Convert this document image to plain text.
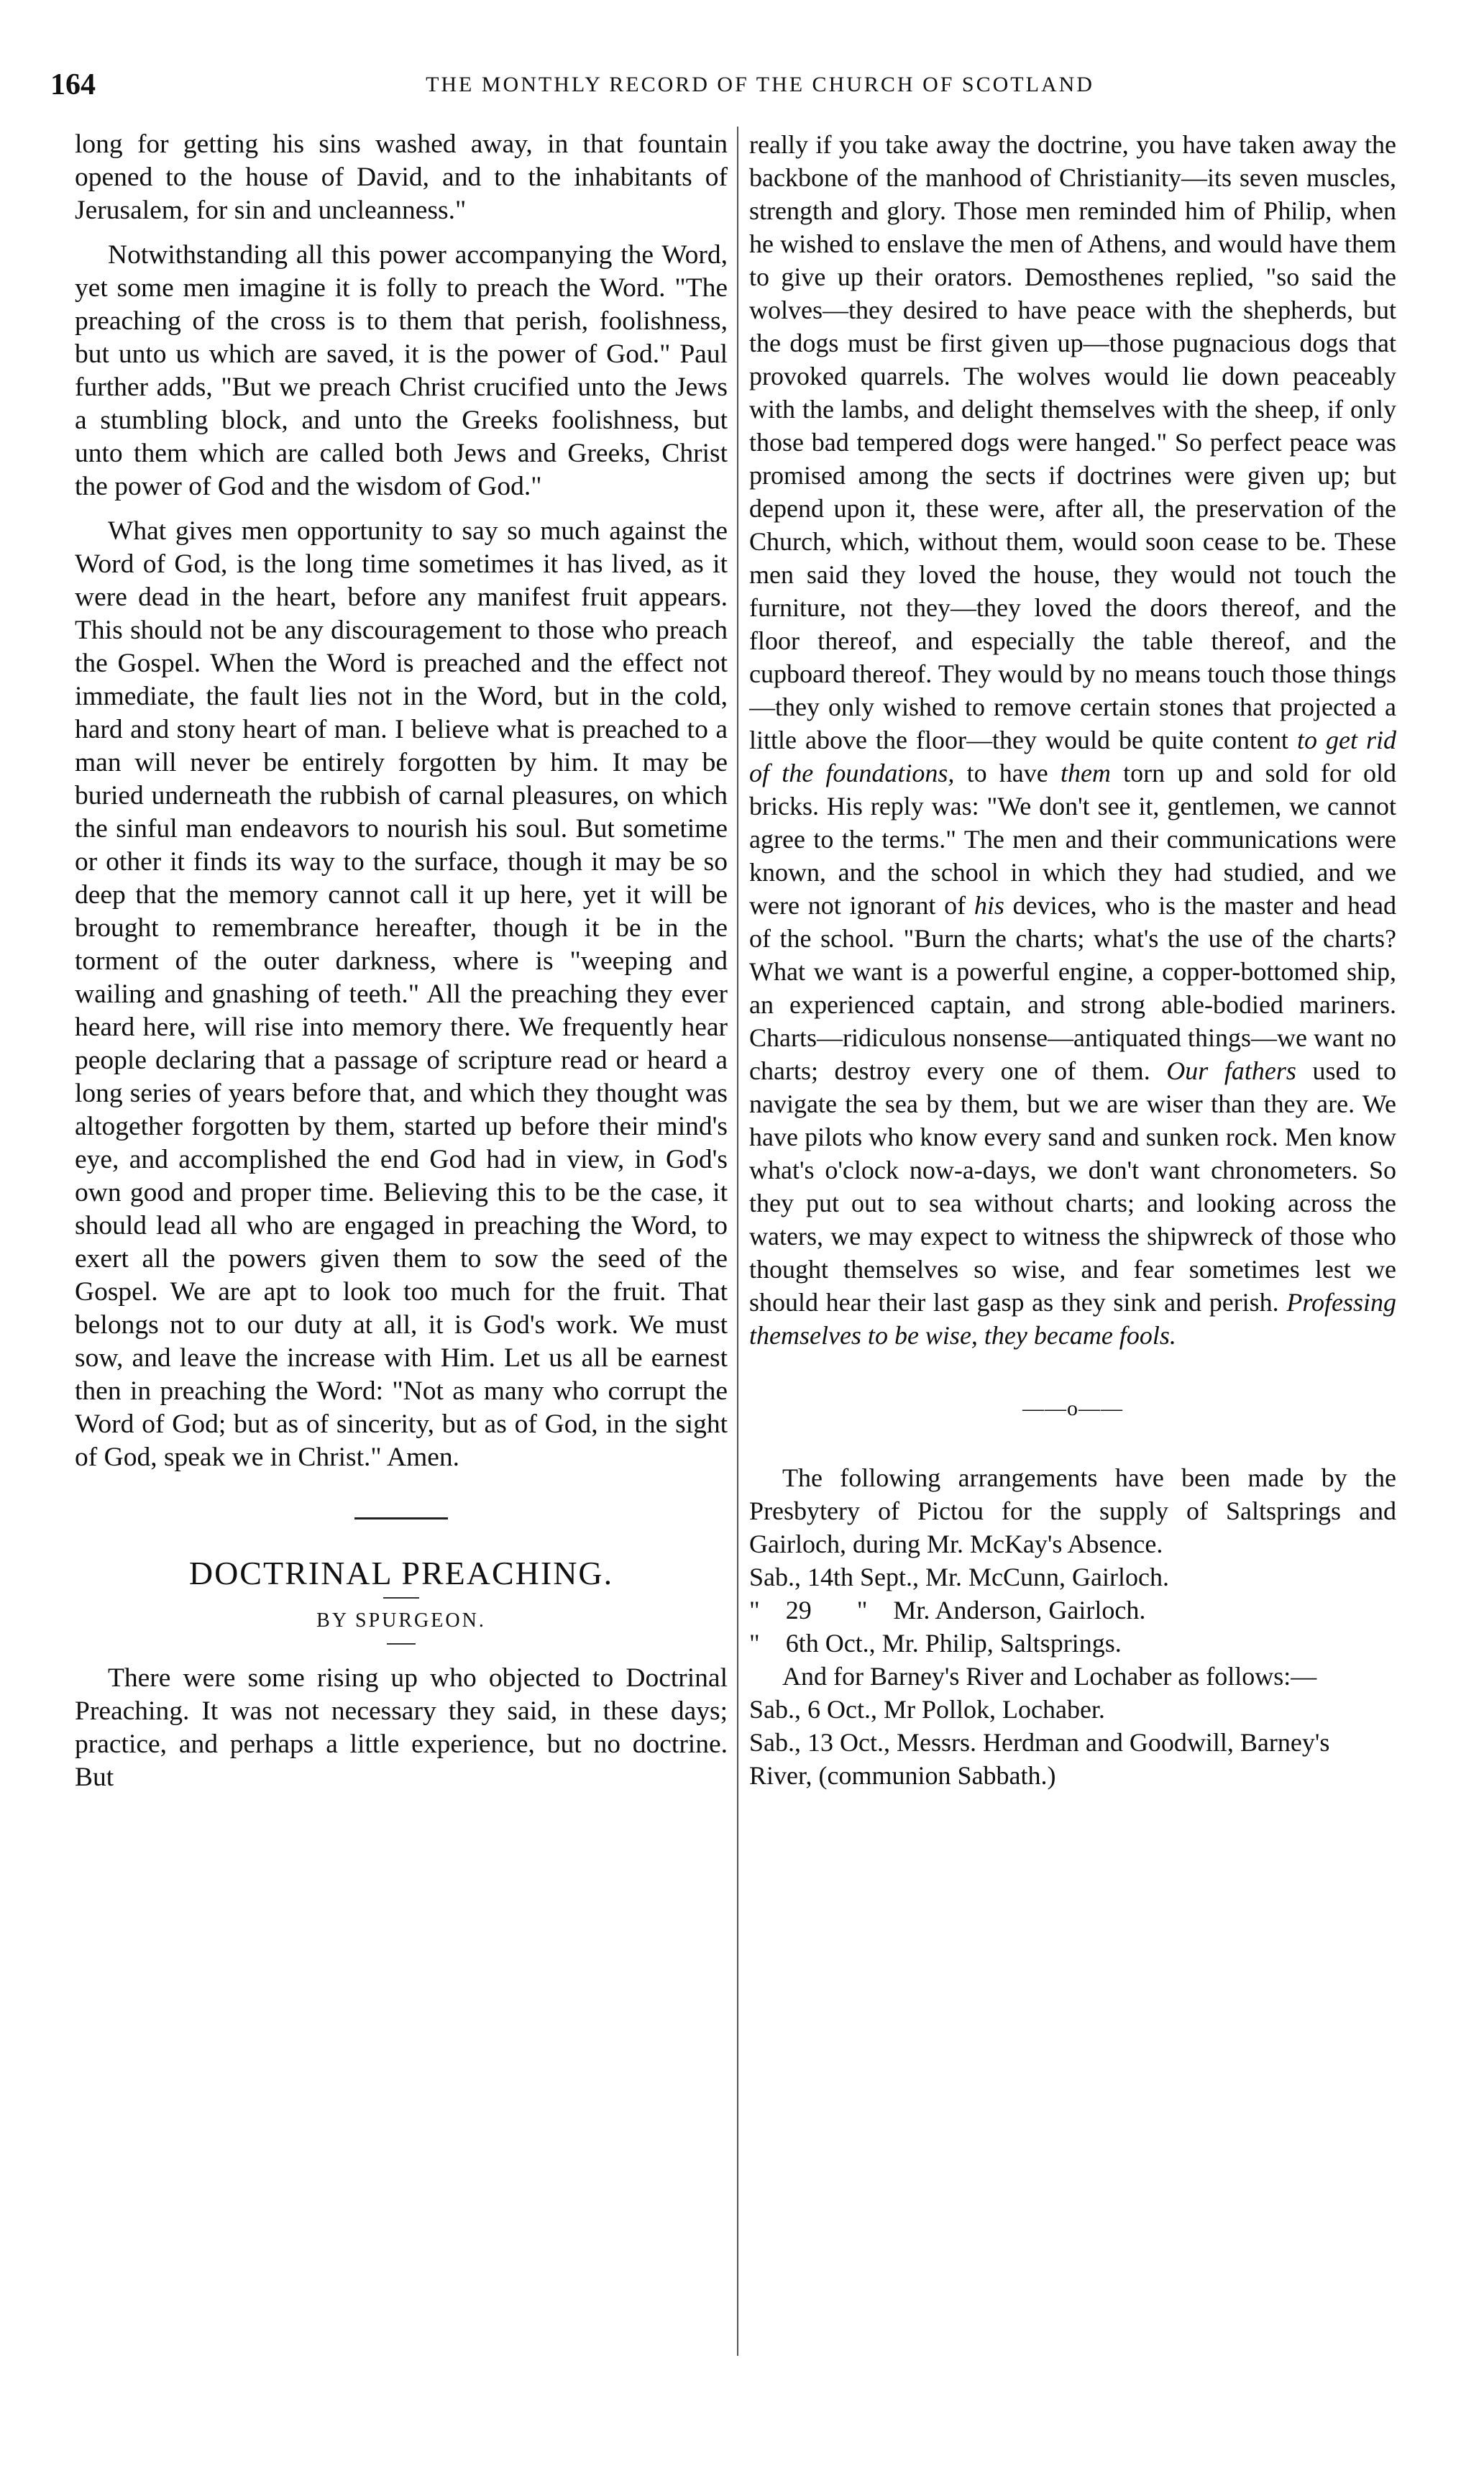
164	THE MONTHLY RECORD OF THE CHURCH OF SCOTLAND

long for getting his sins washed away, in that fountain opened to the house of David, and to the inhabitants of Jerusalem, for sin and uncleanness."

Notwithstanding all this power accompanying the Word, yet some men imagine it is folly to preach the Word. "The preaching of the cross is to them that perish, foolishness, but unto us which are saved, it is the power of God." Paul further adds, "But we preach Christ crucified unto the Jews a stumbling block, and unto the Greeks foolishness, but unto them which are called both Jews and Greeks, Christ the power of God and the wisdom of God."

What gives men opportunity to say so much against the Word of God, is the long time sometimes it has lived, as it were dead in the heart, before any manifest fruit appears. This should not be any discouragement to those who preach the Gospel. When the Word is preached and the effect not immediate, the fault lies not in the Word, but in the cold, hard and stony heart of man. I believe what is preached to a man will never be entirely forgotten by him. It may be buried underneath the rubbish of carnal pleasures, on which the sinful man endeavors to nourish his soul. But sometime or other it finds its way to the surface, though it may be so deep that the memory cannot call it up here, yet it will be brought to remembrance hereafter, though it be in the torment of the outer darkness, where is "weeping and wailing and gnashing of teeth." All the preaching they ever heard here, will rise into memory there. We frequently hear people declaring that a passage of scripture read or heard a long series of years before that, and which they thought was altogether forgotten by them, started up before their mind's eye, and accomplished the end God had in view, in God's own good and proper time. Believing this to be the case, it should lead all who are engaged in preaching the Word, to exert all the powers given them to sow the seed of the Gospel. We are apt to look too much for the fruit. That belongs not to our duty at all, it is God's work. We must sow, and leave the increase with Him. Let us all be earnest then in preaching the Word: "Not as many who corrupt the Word of God; but as of sincerity, but as of God, in the sight of God, speak we in Christ." Amen.

DOCTRINAL PREACHING.
BY SPURGEON.

There were some rising up who objected to Doctrinal Preaching. It was not necessary they said, in these days; practice, and perhaps a little experience, but no doctrine. But

really if you take away the doctrine, you have taken away the backbone of the manhood of Christianity—its seven muscles, strength and glory. Those men reminded him of Philip, when he wished to enslave the men of Athens, and would have them to give up their orators. Demosthenes replied, "so said the wolves—they desired to have peace with the shepherds, but the dogs must be first given up—those pugnacious dogs that provoked quarrels. The wolves would lie down peaceably with the lambs, and delight themselves with the sheep, if only those bad tempered dogs were hanged." So perfect peace was promised among the sects if doctrines were given up; but depend upon it, these were, after all, the preservation of the Church, which, without them, would soon cease to be. These men said they loved the house, they would not touch the furniture, not they—they loved the doors thereof, and the floor thereof, and especially the table thereof, and the cupboard thereof. They would by no means touch those things—they only wished to remove certain stones that projected a little above the floor—they would be quite content to get rid of the foundations, to have them torn up and sold for old bricks. His reply was: "We don't see it, gentlemen, we cannot agree to the terms." The men and their communications were known, and the school in which they had studied, and we were not ignorant of his devices, who is the master and head of the school. "Burn the charts; what's the use of the charts? What we want is a powerful engine, a copper-bottomed ship, an experienced captain, and strong able-bodied mariners. Charts—ridiculous nonsense—antiquated things—we want no charts; destroy every one of them. Our fathers used to navigate the sea by them, but we are wiser than they are. We have pilots who know every sand and sunken rock. Men know what's o'clock now-a-days, we don't want chronometers. So they put out to sea without charts; and looking across the waters, we may expect to witness the shipwreck of those who thought themselves so wise, and fear sometimes lest we should hear their last gasp as they sink and perish. Professing themselves to be wise, they became fools.

——o——

The following arrangements have been made by the Presbytery of Pictou for the supply of Saltsprings and Gairloch, during Mr. McKay's Absence.

Sab., 14th Sept., Mr. McCunn, Gairloch.
"    29       "    Mr. Anderson, Gairloch.
"    6th Oct., Mr. Philip, Saltsprings.

And for Barney's River and Lochaber as follows:—

Sab., 6 Oct., Mr Pollok, Lochaber.
Sab., 13 Oct., Messrs. Herdman and Goodwill, Barney's River, (communion Sabbath.)
